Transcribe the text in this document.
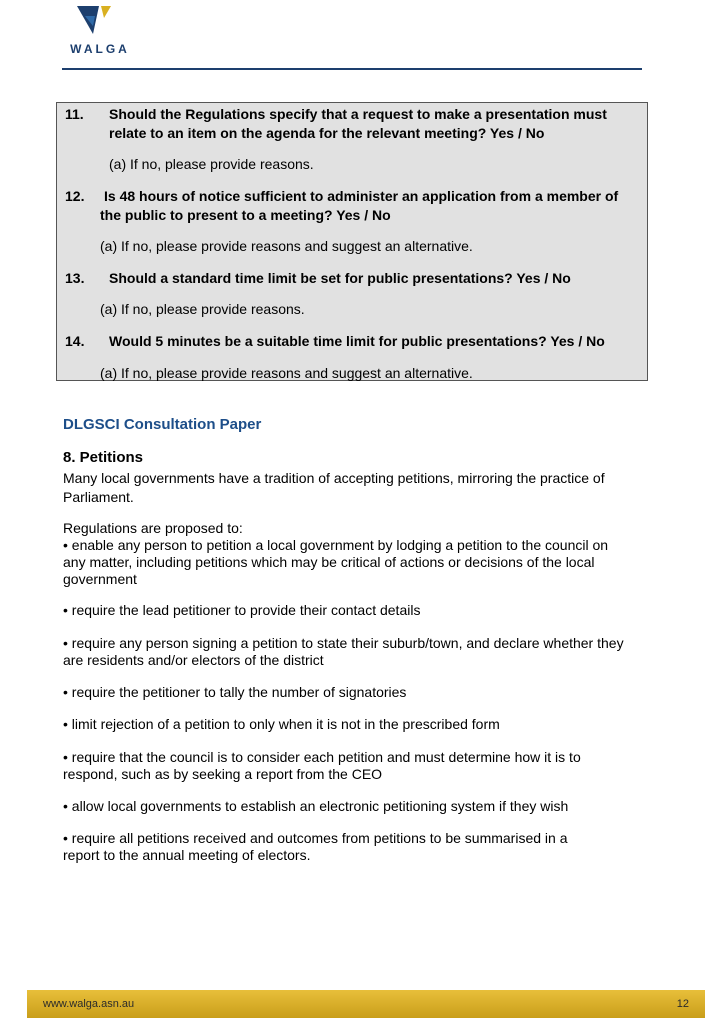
WALGA
11. Should the Regulations specify that a request to make a presentation must
relate to an item on the agenda for the relevant meeting? Yes / No
(a) If no, please provide reasons.
12. Is 48 hours of notice sufficient to administer an application from a member of
the public to present to a meeting? Yes / No
(a) If no, please provide reasons and suggest an alternative.
13. Should a standard time limit be set for public presentations? Yes / No
(a) If no, please provide reasons.
14. Would 5 minutes be a suitable time limit for public presentations? Yes / No
(a) If no, please provide reasons and suggest an alternative.
DLGSCI Consultation Paper
8. Petitions
Many local governments have a tradition of accepting petitions, mirroring the practice of
Parliament.
Regulations are proposed to:
• enable any person to petition a local government by lodging a petition to the council on
any matter, including petitions which may be critical of actions or decisions of the local
government
• require the lead petitioner to provide their contact details
• require any person signing a petition to state their suburb/town, and declare whether they
are residents and/or electors of the district
• require the petitioner to tally the number of signatories
• limit rejection of a petition to only when it is not in the prescribed form
• require that the council is to consider each petition and must determine how it is to
respond, such as by seeking a report from the CEO
• allow local governments to establish an electronic petitioning system if they wish
• require all petitions received and outcomes from petitions to be summarised in a
report to the annual meeting of electors.
www.walga.asn.au	12
